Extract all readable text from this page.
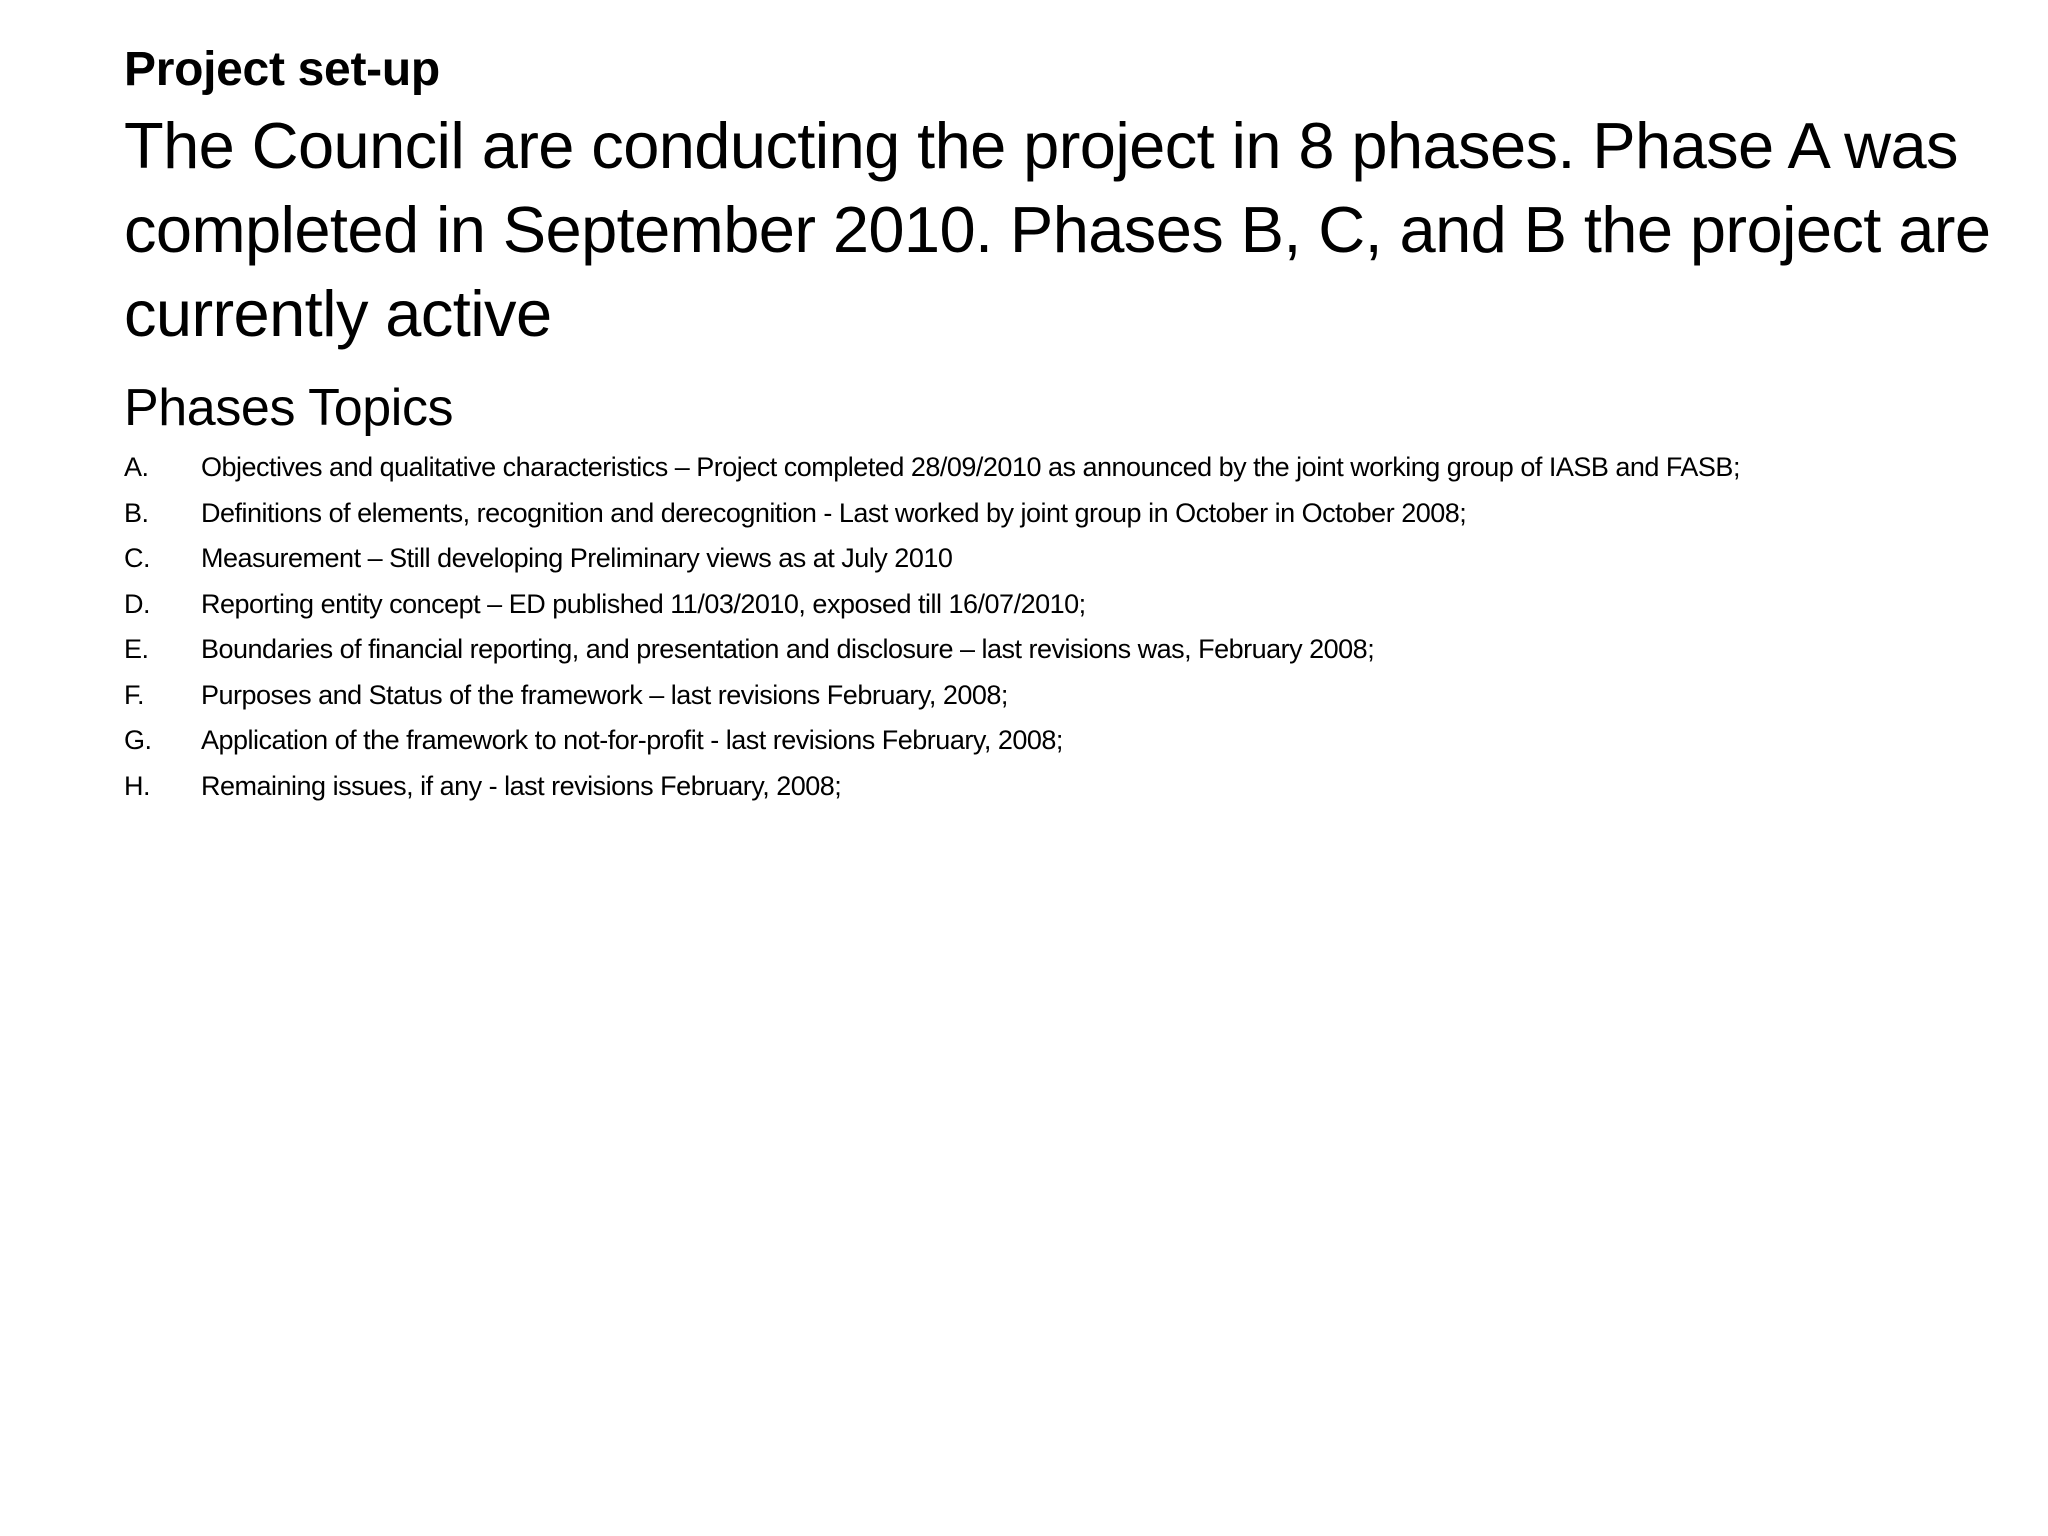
Project set-up
The Council are conducting the project in 8 phases. Phase A was completed in September 2010. Phases B, C, and B the project are currently active
Phases Topics
A.	Objectives and qualitative characteristics – Project completed 28/09/2010 as announced by the joint working group of IASB and FASB;
B.	Definitions of elements, recognition and derecognition - Last worked by joint group in October in October 2008;
C.	Measurement – Still developing Preliminary views as at July 2010
D.	Reporting entity concept – ED published 11/03/2010, exposed till 16/07/2010;
E.	Boundaries of financial reporting, and presentation and disclosure – last revisions was, February 2008;
F.	Purposes and Status of the framework – last revisions February, 2008;
G.	Application of the framework to not-for-profit - last revisions February, 2008;
H.	Remaining issues, if any - last revisions February, 2008;
